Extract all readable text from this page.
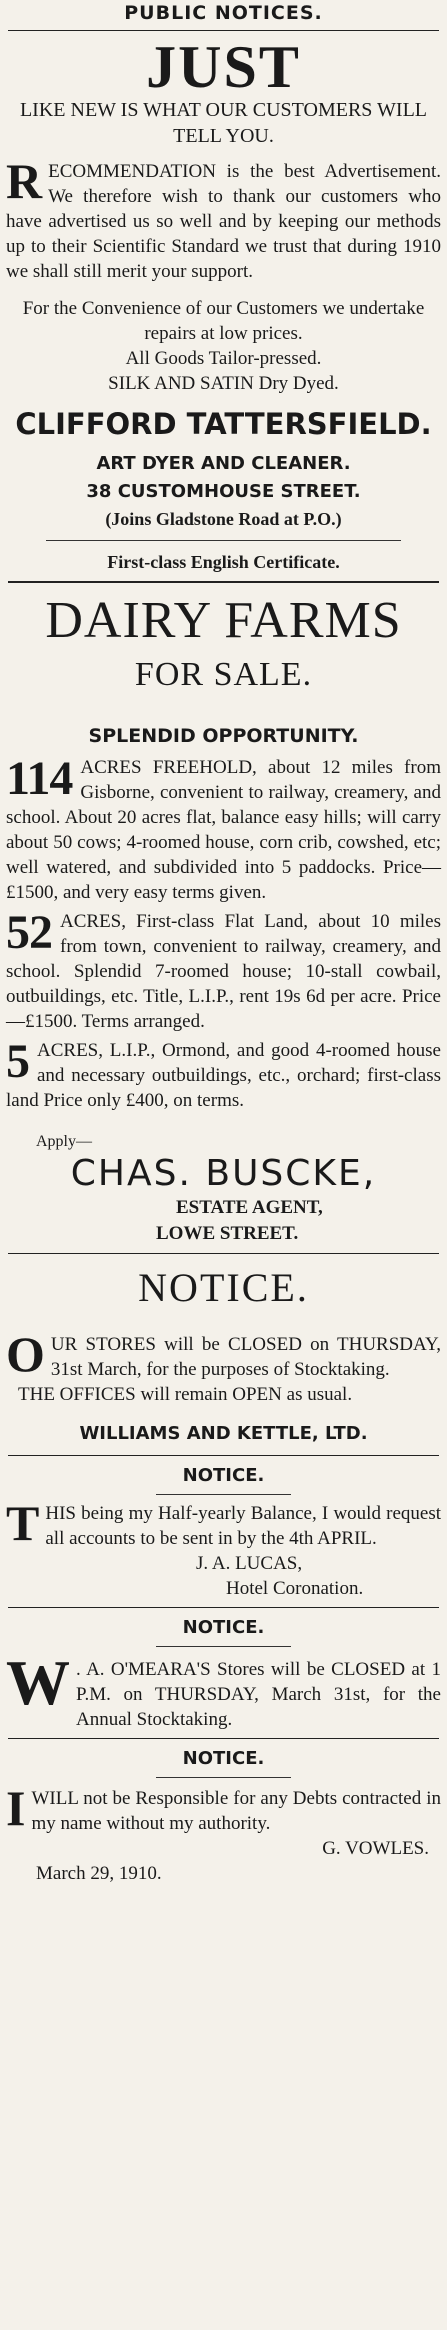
PUBLIC NOTICES.
JUST
LIKE NEW IS WHAT OUR CUSTOMERS WILL TELL YOU.
R ECOMMENDATION is the best Advertisement. We therefore wish to thank our customers who have advertised us so well and by keeping our methods up to their Scientific Standard we trust that during 1910 we shall still merit your support.
For the Convenience of our Customers we undertake repairs at low prices.
All Goods Tailor-pressed.
SILK AND SATIN Dry Dyed.
CLIFFORD TATTERSFIELD.
ART DYER AND CLEANER.
38 CUSTOMHOUSE STREET.
(Joins Gladstone Road at P.O.)
First-class English Certificate.
DAIRY FARMS
FOR SALE.
SPLENDID OPPORTUNITY.
114 ACRES FREEHOLD, about 12 miles from Gisborne, convenient to railway, creamery, and school. About 20 acres flat, balance easy hills; will carry about 50 cows; 4-roomed house, corn crib, cowshed, etc; well watered, and subdivided into 5 paddocks. Price—£1500, and very easy terms given.
52 ACRES, First-class Flat Land, about 10 miles from town, convenient to railway, creamery, and school. Splendid 7-roomed house; 10-stall cowbail, outbuildings, etc. Title, L.I.P., rent 19s 6d per acre. Price—£1500. Terms arranged.
5 ACRES, L.I.P., Ormond, and good 4-roomed house and necessary outbuildings, etc., orchard; first-class land Price only £400, on terms.
Apply—
CHAS. BUSCKE,
ESTATE AGENT,
LOWE STREET.
NOTICE.
O UR STORES will be CLOSED on THURSDAY, 31st March, for the purposes of Stocktaking.
THE OFFICES will remain OPEN as usual.
WILLIAMS AND KETTLE, LTD.
NOTICE.
T HIS being my Half-yearly Balance, I would request all accounts to be sent in by the 4th APRIL.
J. A. LUCAS,
Hotel Coronation.
NOTICE.
W . A. O'MEARA'S Stores will be CLOSED at 1 P.M. on THURSDAY, March 31st, for the Annual Stocktaking.
NOTICE.
I WILL not be Responsible for any Debts contracted in my name without my authority.
G. VOWLES.
March 29, 1910.
